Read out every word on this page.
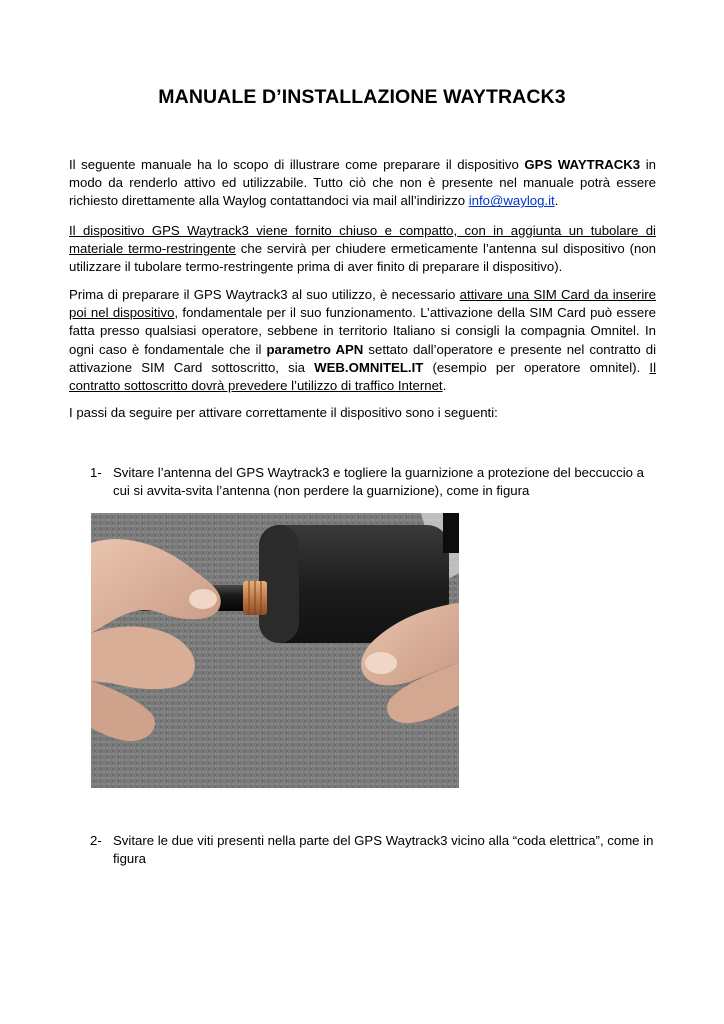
MANUALE D’INSTALLAZIONE WAYTRACK3

Il seguente manuale ha lo scopo di illustrare come preparare il dispositivo GPS WAYTRACK3 in modo da renderlo attivo ed utilizzabile. Tutto ciò che non è presente nel manuale potrà essere richiesto direttamente alla Waylog contattandoci via mail all’indirizzo info@waylog.it.

Il dispositivo GPS Waytrack3 viene fornito chiuso e compatto, con in aggiunta un tubolare di materiale termo-restringente che servirà per chiudere ermeticamente l’antenna sul dispositivo (non utilizzare il tubolare termo-restringente prima di aver finito di preparare il dispositivo).

Prima di preparare il GPS Waytrack3 al suo utilizzo, è necessario attivare una SIM Card da inserire poi nel dispositivo, fondamentale per il suo funzionamento. L’attivazione della SIM Card può essere fatta presso qualsiasi operatore, sebbene in territorio Italiano si consigli la compagnia Omnitel. In ogni caso è fondamentale che il parametro APN settato dall’operatore e presente nel contratto di attivazione SIM Card sottoscritto, sia WEB.OMNITEL.IT (esempio per operatore omnitel). Il contratto sottoscritto dovrà prevedere l’utilizzo di traffico Internet.

I passi da seguire per attivare correttamente il dispositivo sono i seguenti:

1- Svitare l’antenna del GPS Waytrack3 e togliere la guarnizione a protezione del beccuccio a cui si avvita-svita l’antenna (non perdere la guarnizione), come in figura
2- Svitare le due viti presenti nella parte del GPS Waytrack3 vicino alla “coda elettrica”, come in figura
